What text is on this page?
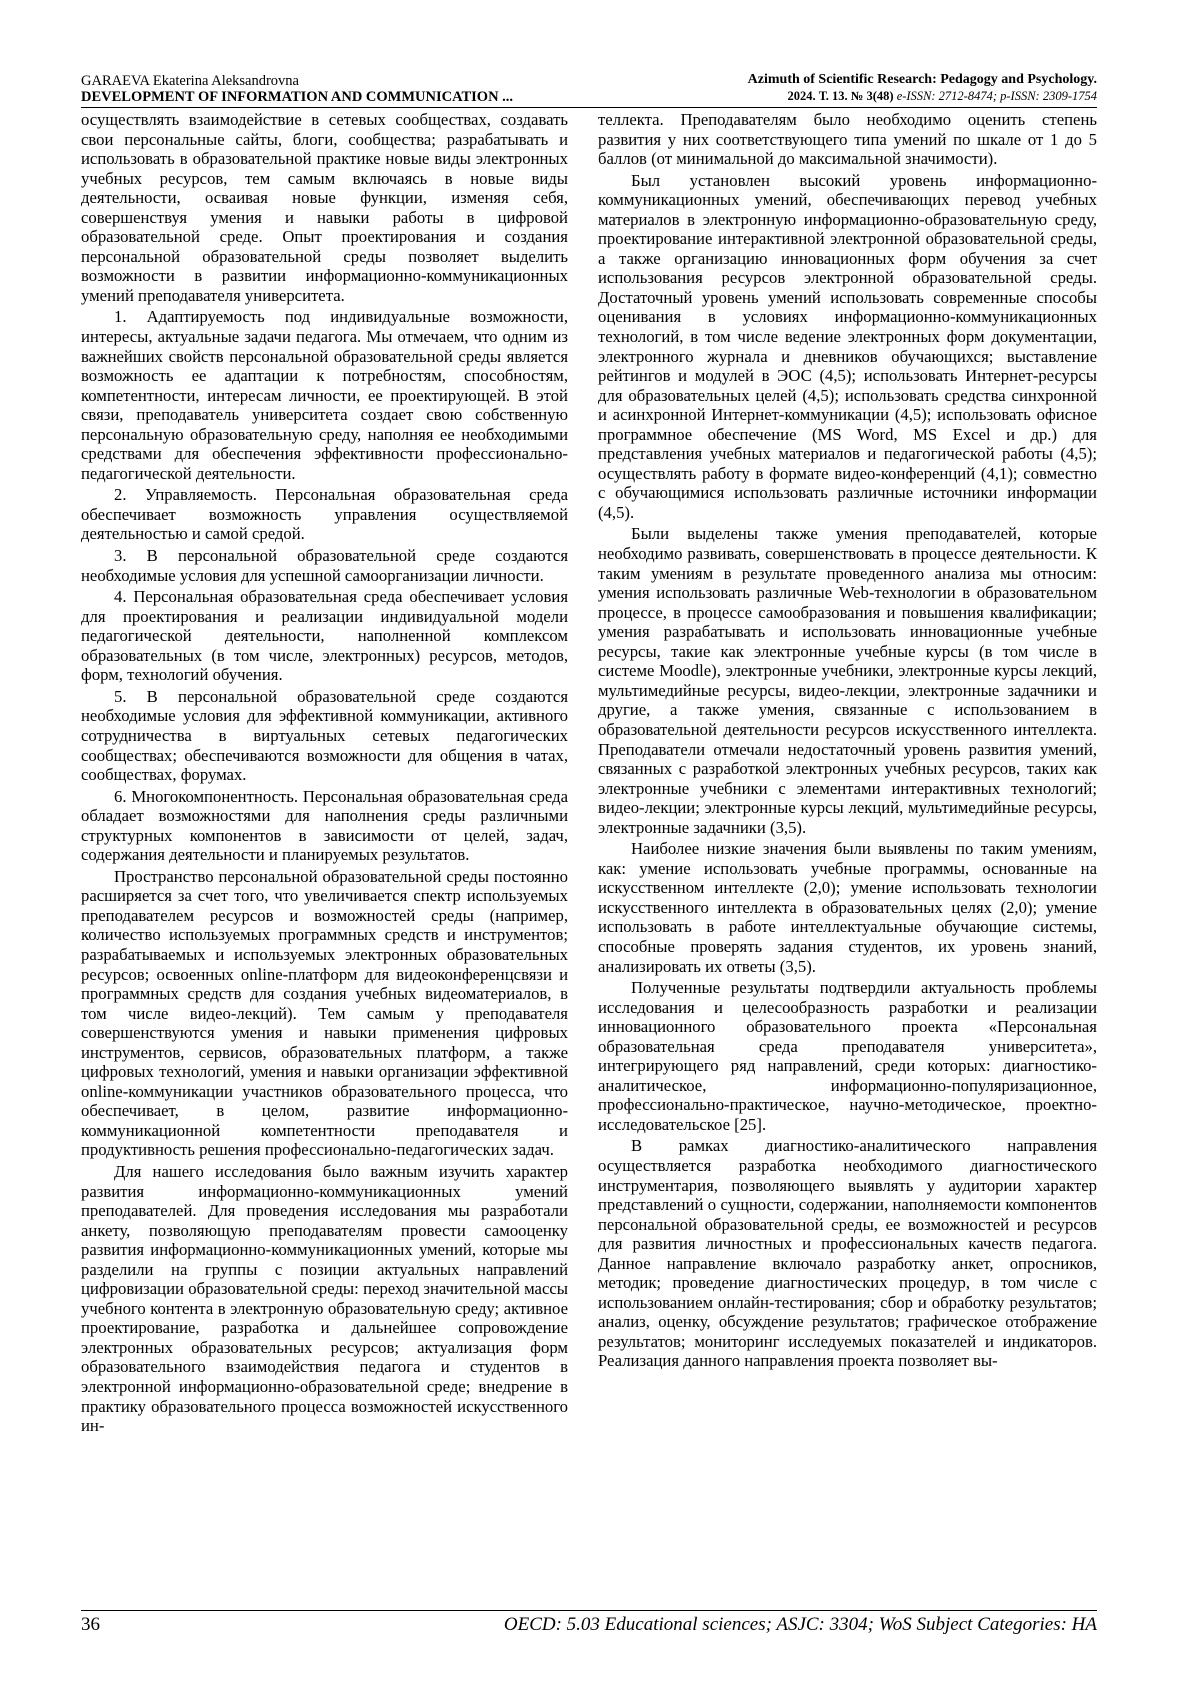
GARAEVA Ekaterina Aleksandrovna
DEVELOPMENT OF INFORMATION AND COMMUNICATION ...
Azimuth of Scientific Research: Pedagogy and Psychology.
2024. Т. 13. № 3(48) e-ISSN: 2712-8474; p-ISSN: 2309-1754

осуществлять взаимодействие в сетевых сообществах, создавать свои персональные сайты, блоги, сообщества; разрабатывать и использовать в образовательной практике новые виды электронных учебных ресурсов, тем самым включаясь в новые виды деятельности, осваивая новые функции, изменяя себя, совершенствуя умения и навыки работы в цифровой образовательной среде. Опыт проектирования и создания персональной образовательной среды позволяет выделить возможности в развитии информационно-коммуникационных умений преподавателя университета.

1. Адаптируемость под индивидуальные возможности, интересы, актуальные задачи педагога. Мы отмечаем, что одним из важнейших свойств персональной образовательной среды является возможность ее адаптации к потребностям, способностям, компетентности, интересам личности, ее проектирующей. В этой связи, преподаватель университета создает свою собственную персональную образовательную среду, наполняя ее необходимыми средствами для обеспечения эффективности профессионально-педагогической деятельности.

2. Управляемость. Персональная образовательная среда обеспечивает возможность управления осуществляемой деятельностью и самой средой.

3. В персональной образовательной среде создаются необходимые условия для успешной самоорганизации личности.

4. Персональная образовательная среда обеспечивает условия для проектирования и реализации индивидуальной модели педагогической деятельности, наполненной комплексом образовательных (в том числе, электронных) ресурсов, методов, форм, технологий обучения.

5. В персональной образовательной среде создаются необходимые условия для эффективной коммуникации, активного сотрудничества в виртуальных сетевых педагогических сообществах; обеспечиваются возможности для общения в чатах, сообществах, форумах.

6. Многокомпонентность. Персональная образовательная среда обладает возможностями для наполнения среды различными структурных компонентов в зависимости от целей, задач, содержания деятельности и планируемых результатов.

Пространство персональной образовательной среды постоянно расширяется за счет того, что увеличивается спектр используемых преподавателем ресурсов и возможностей среды (например, количество используемых программных средств и инструментов; разрабатываемых и используемых электронных образовательных ресурсов; освоенных online-платформ для видеоконференцсвязи и программных средств для создания учебных видеоматериалов, в том числе видео-лекций). Тем самым у преподавателя совершенствуются умения и навыки применения цифровых инструментов, сервисов, образовательных платформ, а также цифровых технологий, умения и навыки организации эффективной online-коммуникации участников образовательного процесса, что обеспечивает, в целом, развитие информационно-коммуникационной компетентности преподавателя и продуктивность решения профессионально-педагогических задач.

Для нашего исследования было важным изучить характер развития информационно-коммуникационных умений преподавателей. Для проведения исследования мы разработали анкету, позволяющую преподавателям провести самооценку развития информационно-коммуникационных умений, которые мы разделили на группы с позиции актуальных направлений цифровизации образовательной среды: переход значительной массы учебного контента в электронную образовательную среду; активное проектирование, разработка и дальнейшее сопровождение электронных образовательных ресурсов; актуализация форм образовательного взаимодействия педагога и студентов в электронной информационно-образовательной среде; внедрение в практику образовательного процесса возможностей искусственного ин-

теллекта. Преподавателям было необходимо оценить степень развития у них соответствующего типа умений по шкале от 1 до 5 баллов (от минимальной до максимальной значимости).

Был установлен высокий уровень информационно-коммуникационных умений, обеспечивающих перевод учебных материалов в электронную информационно-образовательную среду, проектирование интерактивной электронной образовательной среды, а также организацию инновационных форм обучения за счет использования ресурсов электронной образовательной среды. Достаточный уровень умений использовать современные способы оценивания в условиях информационно-коммуникационных технологий, в том числе ведение электронных форм документации, электронного журнала и дневников обучающихся; выставление рейтингов и модулей в ЭОС (4,5); использовать Интернет-ресурсы для образовательных целей (4,5); использовать средства синхронной и асинхронной Интернет-коммуникации (4,5); использовать офисное программное обеспечение (MS Word, MS Excel и др.) для представления учебных материалов и педагогической работы (4,5); осуществлять работу в формате видео-конференций (4,1); совместно с обучающимися использовать различные источники информации (4,5).

Были выделены также умения преподавателей, которые необходимо развивать, совершенствовать в процессе деятельности. К таким умениям в результате проведенного анализа мы относим: умения использовать различные Web-технологии в образовательном процессе, в процессе самообразования и повышения квалификации; умения разрабатывать и использовать инновационные учебные ресурсы, такие как электронные учебные курсы (в том числе в системе Moodle), электронные учебники, электронные курсы лекций, мультимедийные ресурсы, видео-лекции, электронные задачники и другие, а также умения, связанные с использованием в образовательной деятельности ресурсов искусственного интеллекта. Преподаватели отмечали недостаточный уровень развития умений, связанных с разработкой электронных учебных ресурсов, таких как электронные учебники с элементами интерактивных технологий; видео-лекции; электронные курсы лекций, мультимедийные ресурсы, электронные задачники (3,5).

Наиболее низкие значения были выявлены по таким умениям, как: умение использовать учебные программы, основанные на искусственном интеллекте (2,0); умение использовать технологии искусственного интеллекта в образовательных целях (2,0); умение использовать в работе интеллектуальные обучающие системы, способные проверять задания студентов, их уровень знаний, анализировать их ответы (3,5).

Полученные результаты подтвердили актуальность проблемы исследования и целесообразность разработки и реализации инновационного образовательного проекта «Персональная образовательная среда преподавателя университета», интегрирующего ряд направлений, среди которых: диагностико-аналитическое, информационно-популяризационное, профессионально-практическое, научно-методическое, проектно-исследовательское [25].

В рамках диагностико-аналитического направления осуществляется разработка необходимого диагностического инструментария, позволяющего выявлять у аудитории характер представлений о сущности, содержании, наполняемости компонентов персональной образовательной среды, ее возможностей и ресурсов для развития личностных и профессиональных качеств педагога. Данное направление включало разработку анкет, опросников, методик; проведение диагностических процедур, в том числе с использованием онлайн-тестирования; сбор и обработку результатов; анализ, оценку, обсуждение результатов; графическое отображение результатов; мониторинг исследуемых показателей и индикаторов. Реализация данного направления проекта позволяет вы-

36	OECD: 5.03 Educational sciences; ASJC: 3304; WoS Subject Categories: HA
